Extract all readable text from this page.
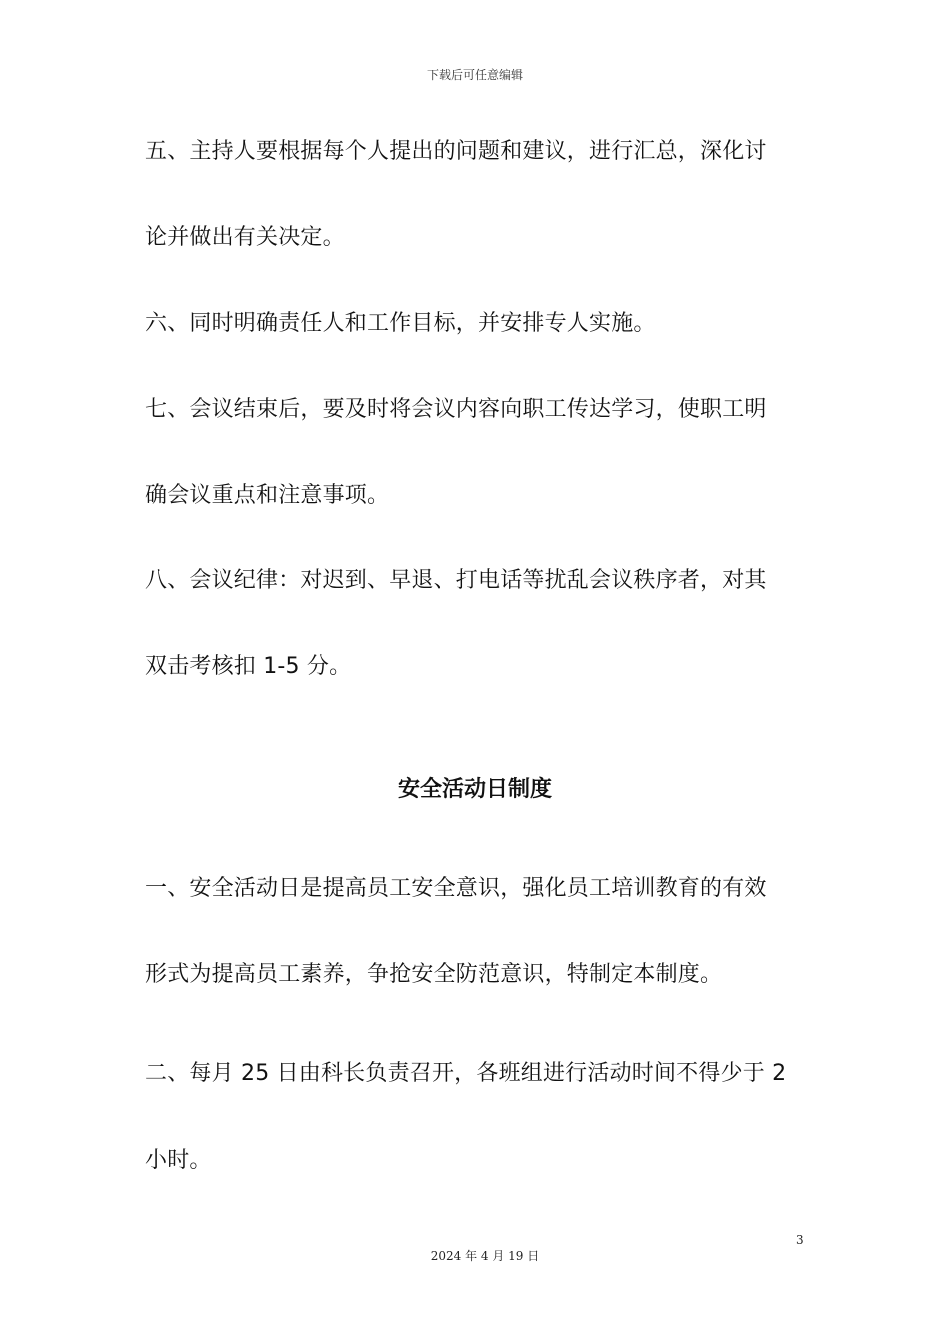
下载后可任意编辑
五、主持人要根据每个人提出的问题和建议，进行汇总，深化讨
论并做出有关决定。
六、同时明确责任人和工作目标，并安排专人实施。
七、会议结束后，要及时将会议内容向职工传达学习，使职工明
确会议重点和注意事项。
八、会议纪律：对迟到、早退、打电话等扰乱会议秩序者，对其
双击考核扣 1-5 分。
安全活动日制度
一、安全活动日是提高员工安全意识，强化员工培训教育的有效
形式为提高员工素养，争抢安全防范意识，特制定本制度。
二、每月 25 日由科长负责召开，各班组进行活动时间不得少于 2
小时。
3
2024 年 4 月 19 日
